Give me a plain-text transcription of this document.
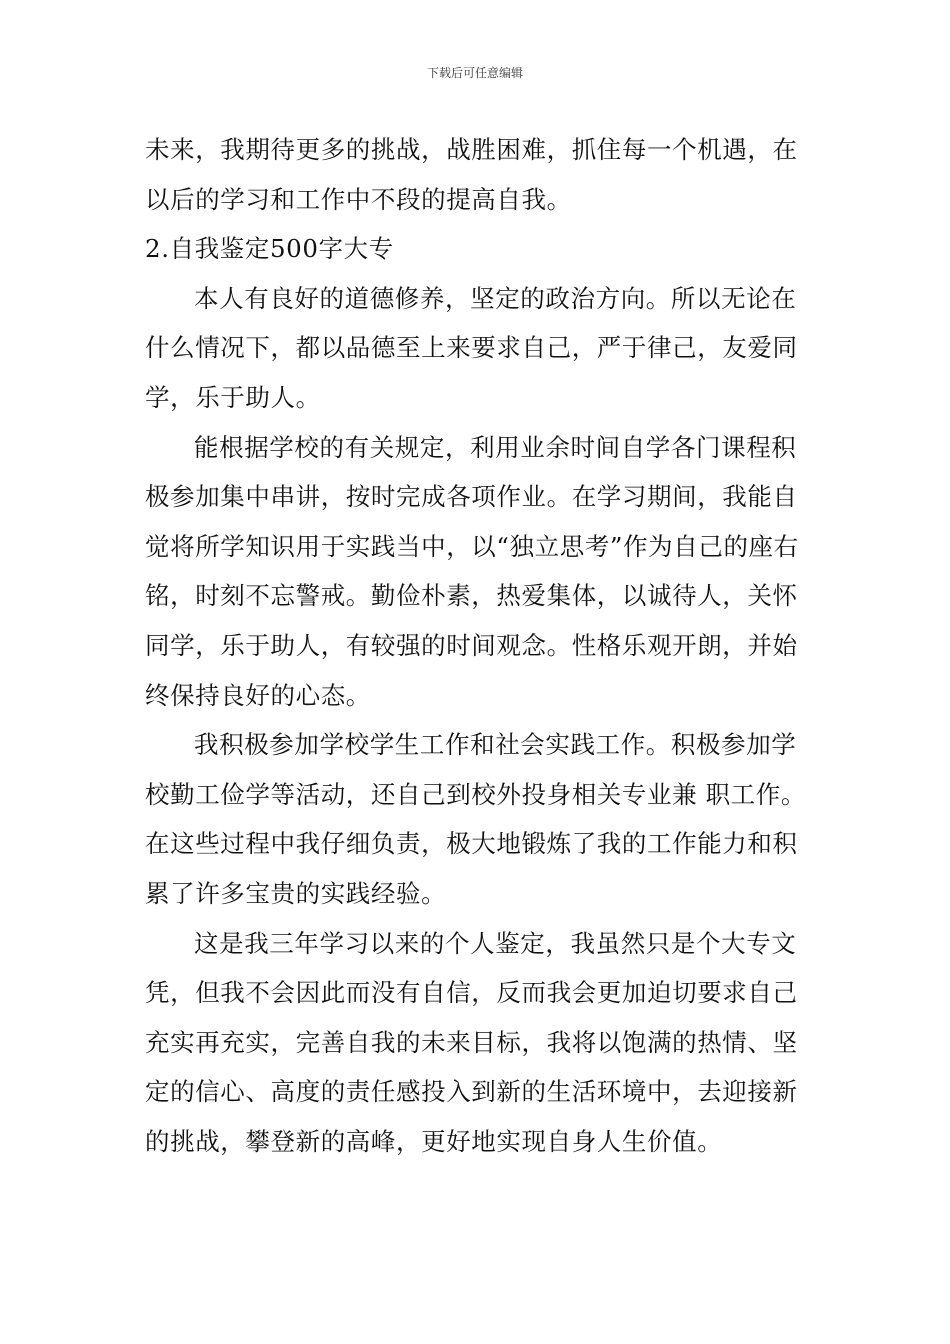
下载后可任意编辑

未来，我期待更多的挑战，战胜困难，抓住每一个机遇，在以后的学习和工作中不段的提高自我。

2.自我鉴定500字大专

本人有良好的道德修养，坚定的政治方向。所以无论在什么情况下，都以品德至上来要求自己，严于律己，友爱同学，乐于助人。

能根据学校的有关规定，利用业余时间自学各门课程积极参加集中串讲，按时完成各项作业。在学习期间，我能自觉将所学知识用于实践当中，以“独立思考”作为自己的座右铭，时刻不忘警戒。勤俭朴素，热爱集体，以诚待人，关怀同学，乐于助人，有较强的时间观念。性格乐观开朗，并始终保持良好的心态。

我积极参加学校学生工作和社会实践工作。积极参加学校勤工俭学等活动，还自己到校外投身相关专业兼 职工作。在这些过程中我仔细负责，极大地锻炼了我的工作能力和积累了许多宝贵的实践经验。

这是我三年学习以来的个人鉴定，我虽然只是个大专文凭，但我不会因此而没有自信，反而我会更加迫切要求自己充实再充实，完善自我的未来目标，我将以饱满的热情、坚定的信心、高度的责任感投入到新的生活环境中，去迎接新的挑战，攀登新的高峰，更好地实现自身人生价值。
